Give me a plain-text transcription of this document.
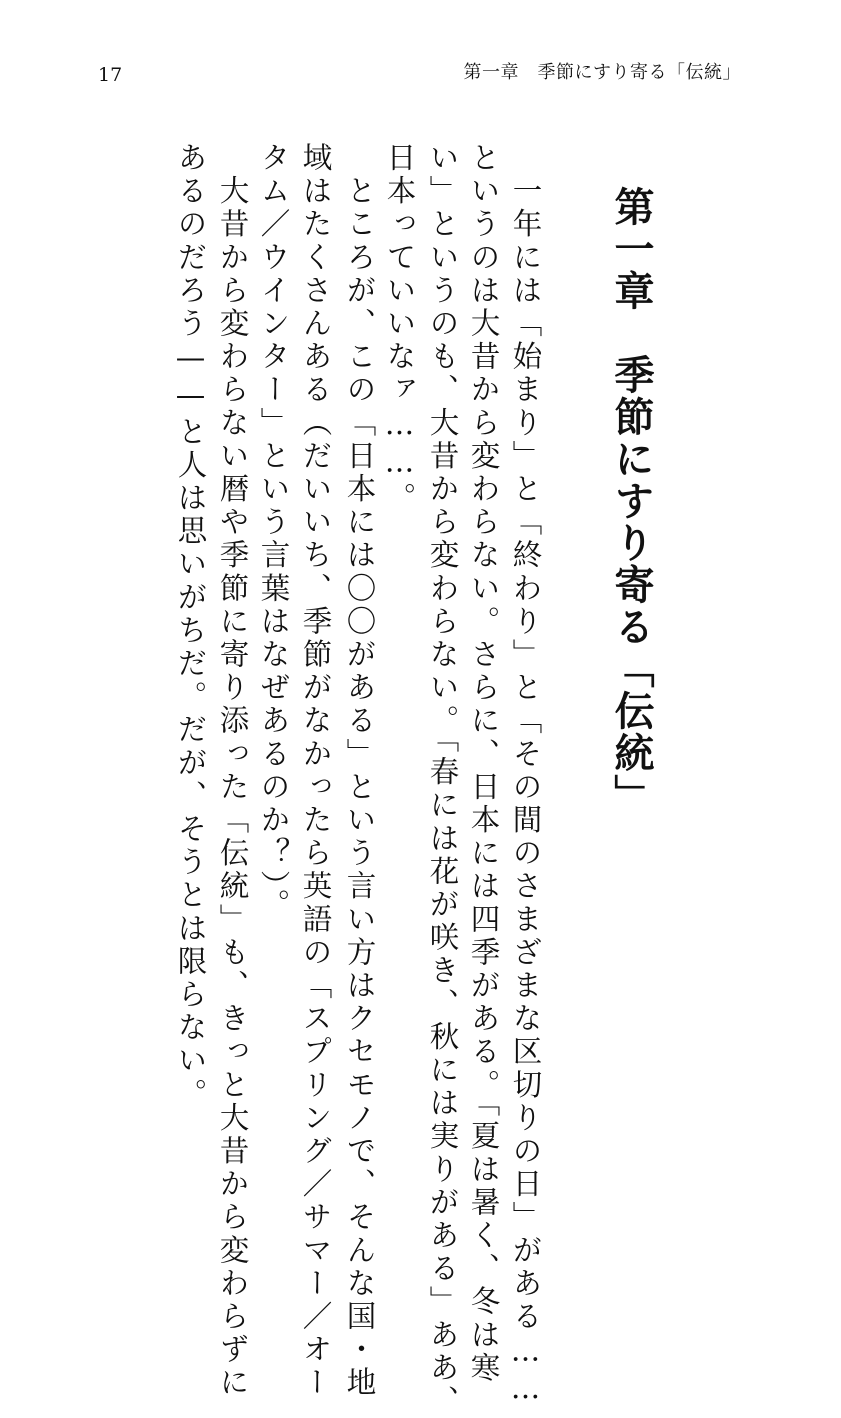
17	第一章　季節にすり寄る「伝統」
第一章　季節にすり寄る「伝統」
　一年には「始まり」と「終わり」と「その間のさまざまな区切りの日」がある……
というのは大昔から変わらない。さらに、日本には四季がある。「夏は暑く、冬は寒
い」というのも、大昔から変わらない。「春には花が咲き、秋には実りがある」ああ、
日本っていいなァ……。
　ところが、この「日本には〇〇がある」という言い方はクセモノで、そんな国・地
域はたくさんある（だいいち、季節がなかったら英語の「スプリング／サマー／オー
タム／ウインター」という言葉はなぜあるのか？）。
　大昔から変わらない暦や季節に寄り添った「伝統」も、きっと大昔から変わらずに
あるのだろう——と人は思いがちだ。だが、そうとは限らない。
